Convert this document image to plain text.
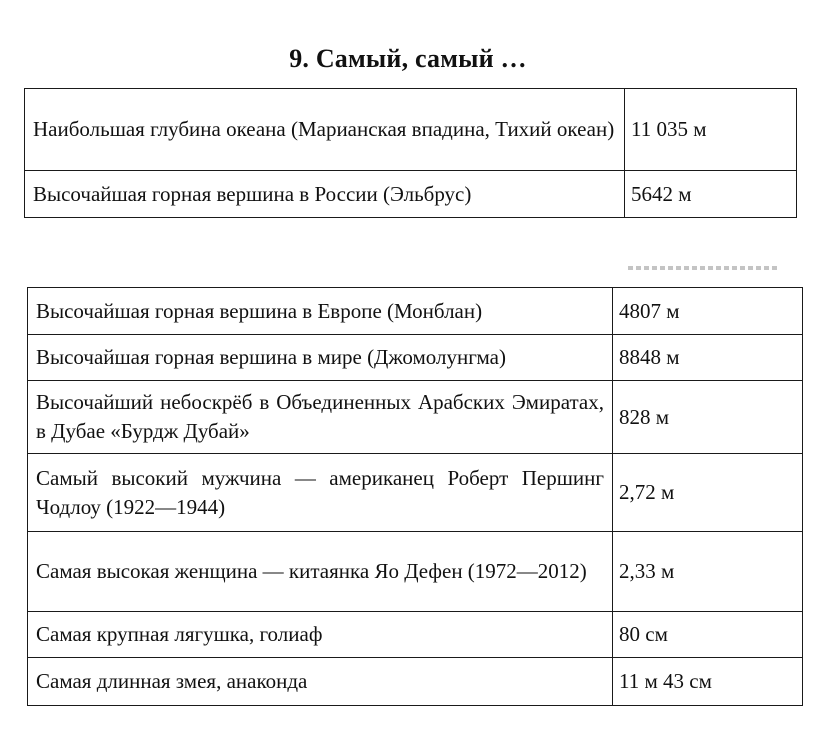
9. Самый, самый …
Наибольшая глубина океана (Марианская впадина, Тихий океан)	11 035 м
Высочайшая горная вершина в России (Эльбрус)	5642 м
Высочайшая горная вершина в Европе (Монблан)	4807 м
Высочайшая горная вершина в мире (Джомолунгма)	8848 м
Высочайший небоскрёб в Объединенных Арабских Эмиратах, в Дубае «Бурдж Дубай»	828 м
Самый высокий мужчина — американец Роберт Першинг Чодлоу (1922—1944)	2,72 м
Самая высокая женщина — китаянка Яо Дефен (1972—2012)	2,33 м
Самая крупная лягушка, голиаф	80 см
Самая длинная змея, анаконда	11 м 43 см
